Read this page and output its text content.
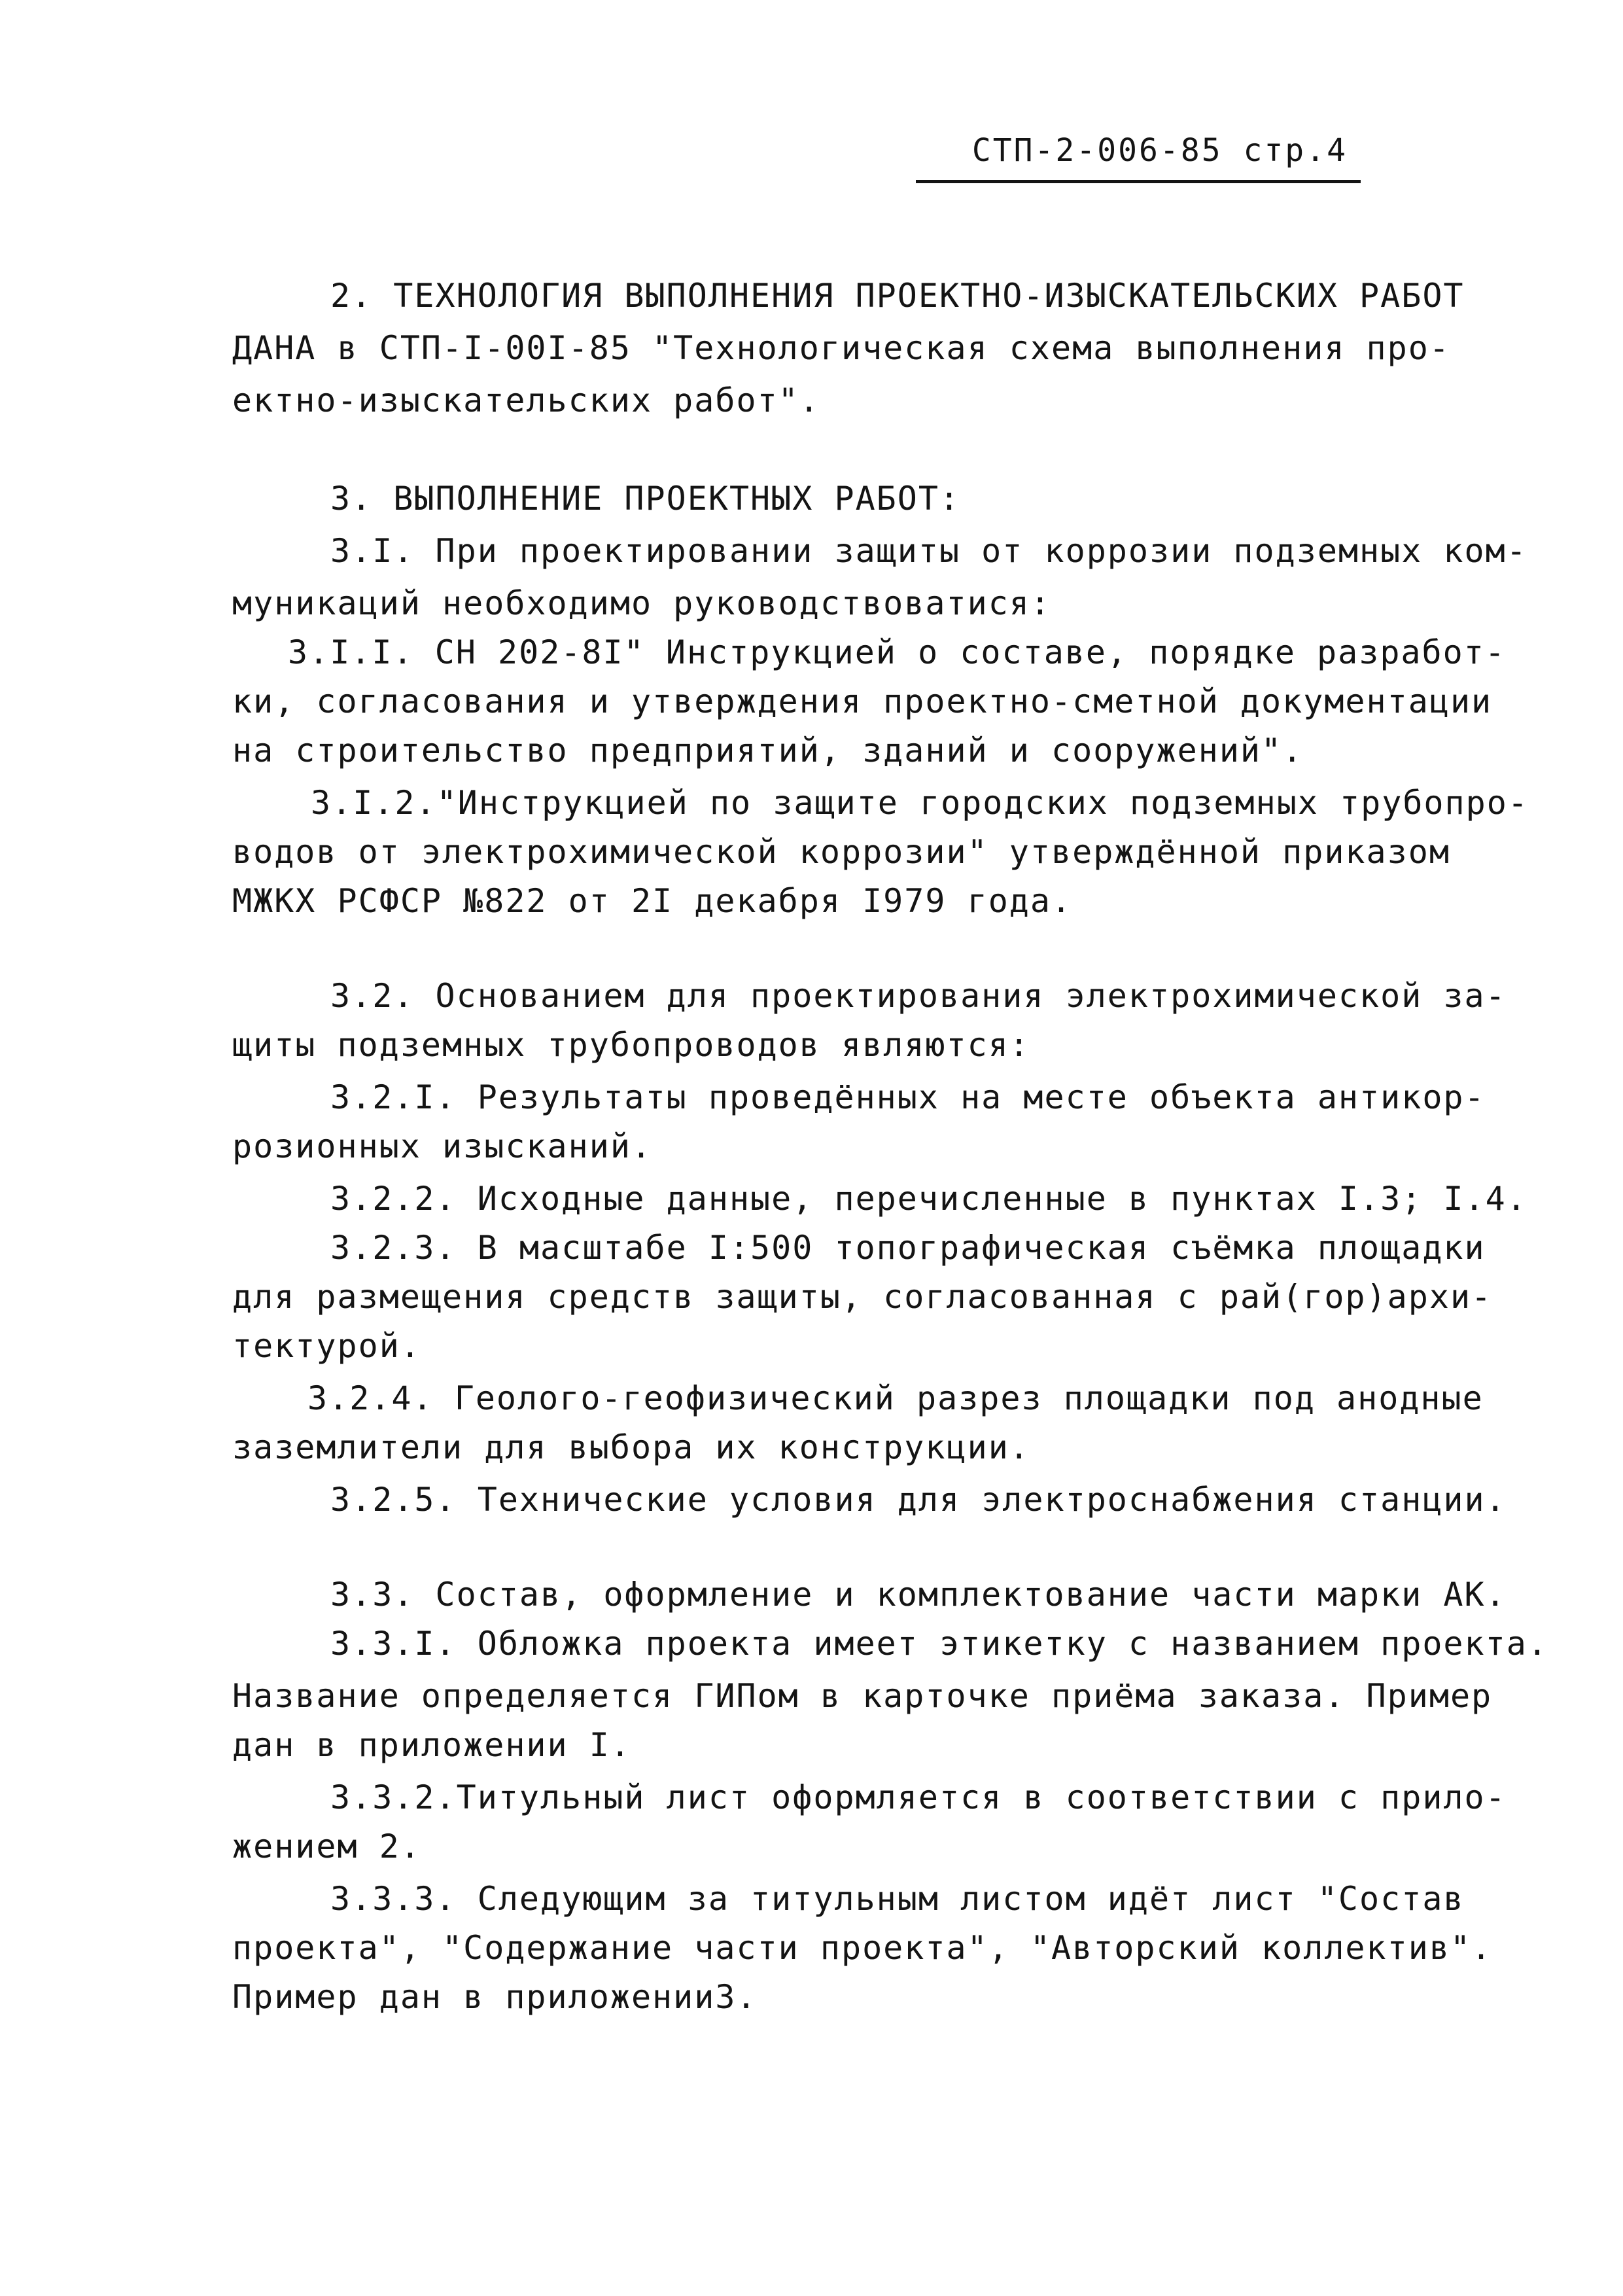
СТП-2-006-85 стр.4
2. ТЕХНОЛОГИЯ ВЫПОЛНЕНИЯ ПРОЕКТНО-ИЗЫСКАТЕЛЬСКИХ РАБОТ
ДАНА в СТП-I-00I-85 "Технологическая схема выполнения про-
ектно-изыскательских работ".
3. ВЫПОЛНЕНИЕ ПРОЕКТНЫХ РАБОТ:
3.I. При проектировании защиты от коррозии подземных ком-
муникаций необходимо руководствоватися:
3.I.I. СН 202-8I" Инструкцией о составе, порядке разработ-
ки, согласования и утверждения проектно-сметной документации
на строительство предприятий, зданий и сооружений".
3.I.2."Инструкцией по защите городских подземных трубопро-
водов от электрохимической коррозии" утверждённой приказом
МЖКХ РСФСР №822 от 2I декабря I979 года.
3.2. Основанием для проектирования электрохимической за-
щиты подземных трубопроводов являются:
3.2.I. Результаты проведённых на месте объекта антикор-
розионных изысканий.
3.2.2. Исходные данные, перечисленные в пунктах I.3; I.4.
3.2.3. В масштабе I:500 топографическая съёмка площадки
для размещения средств защиты, согласованная с рай(гор)архи-
тектурой.
3.2.4. Геолого-геофизический разрез площадки под анодные
заземлители для выбора их конструкции.
3.2.5. Технические условия для электроснабжения станции.
3.3. Состав, оформление и комплектование части марки АК.
3.3.I. Обложка проекта имеет этикетку с названием проекта.
Название определяется ГИПом в карточке приёма заказа. Пример
дан в приложении I.
3.3.2.Титульный лист оформляется в соответствии с прило-
жением 2.
3.3.3. Следующим за титульным листом идёт лист "Состав
проекта", "Содержание части проекта", "Авторский коллектив".
Пример дан в приложении3.
